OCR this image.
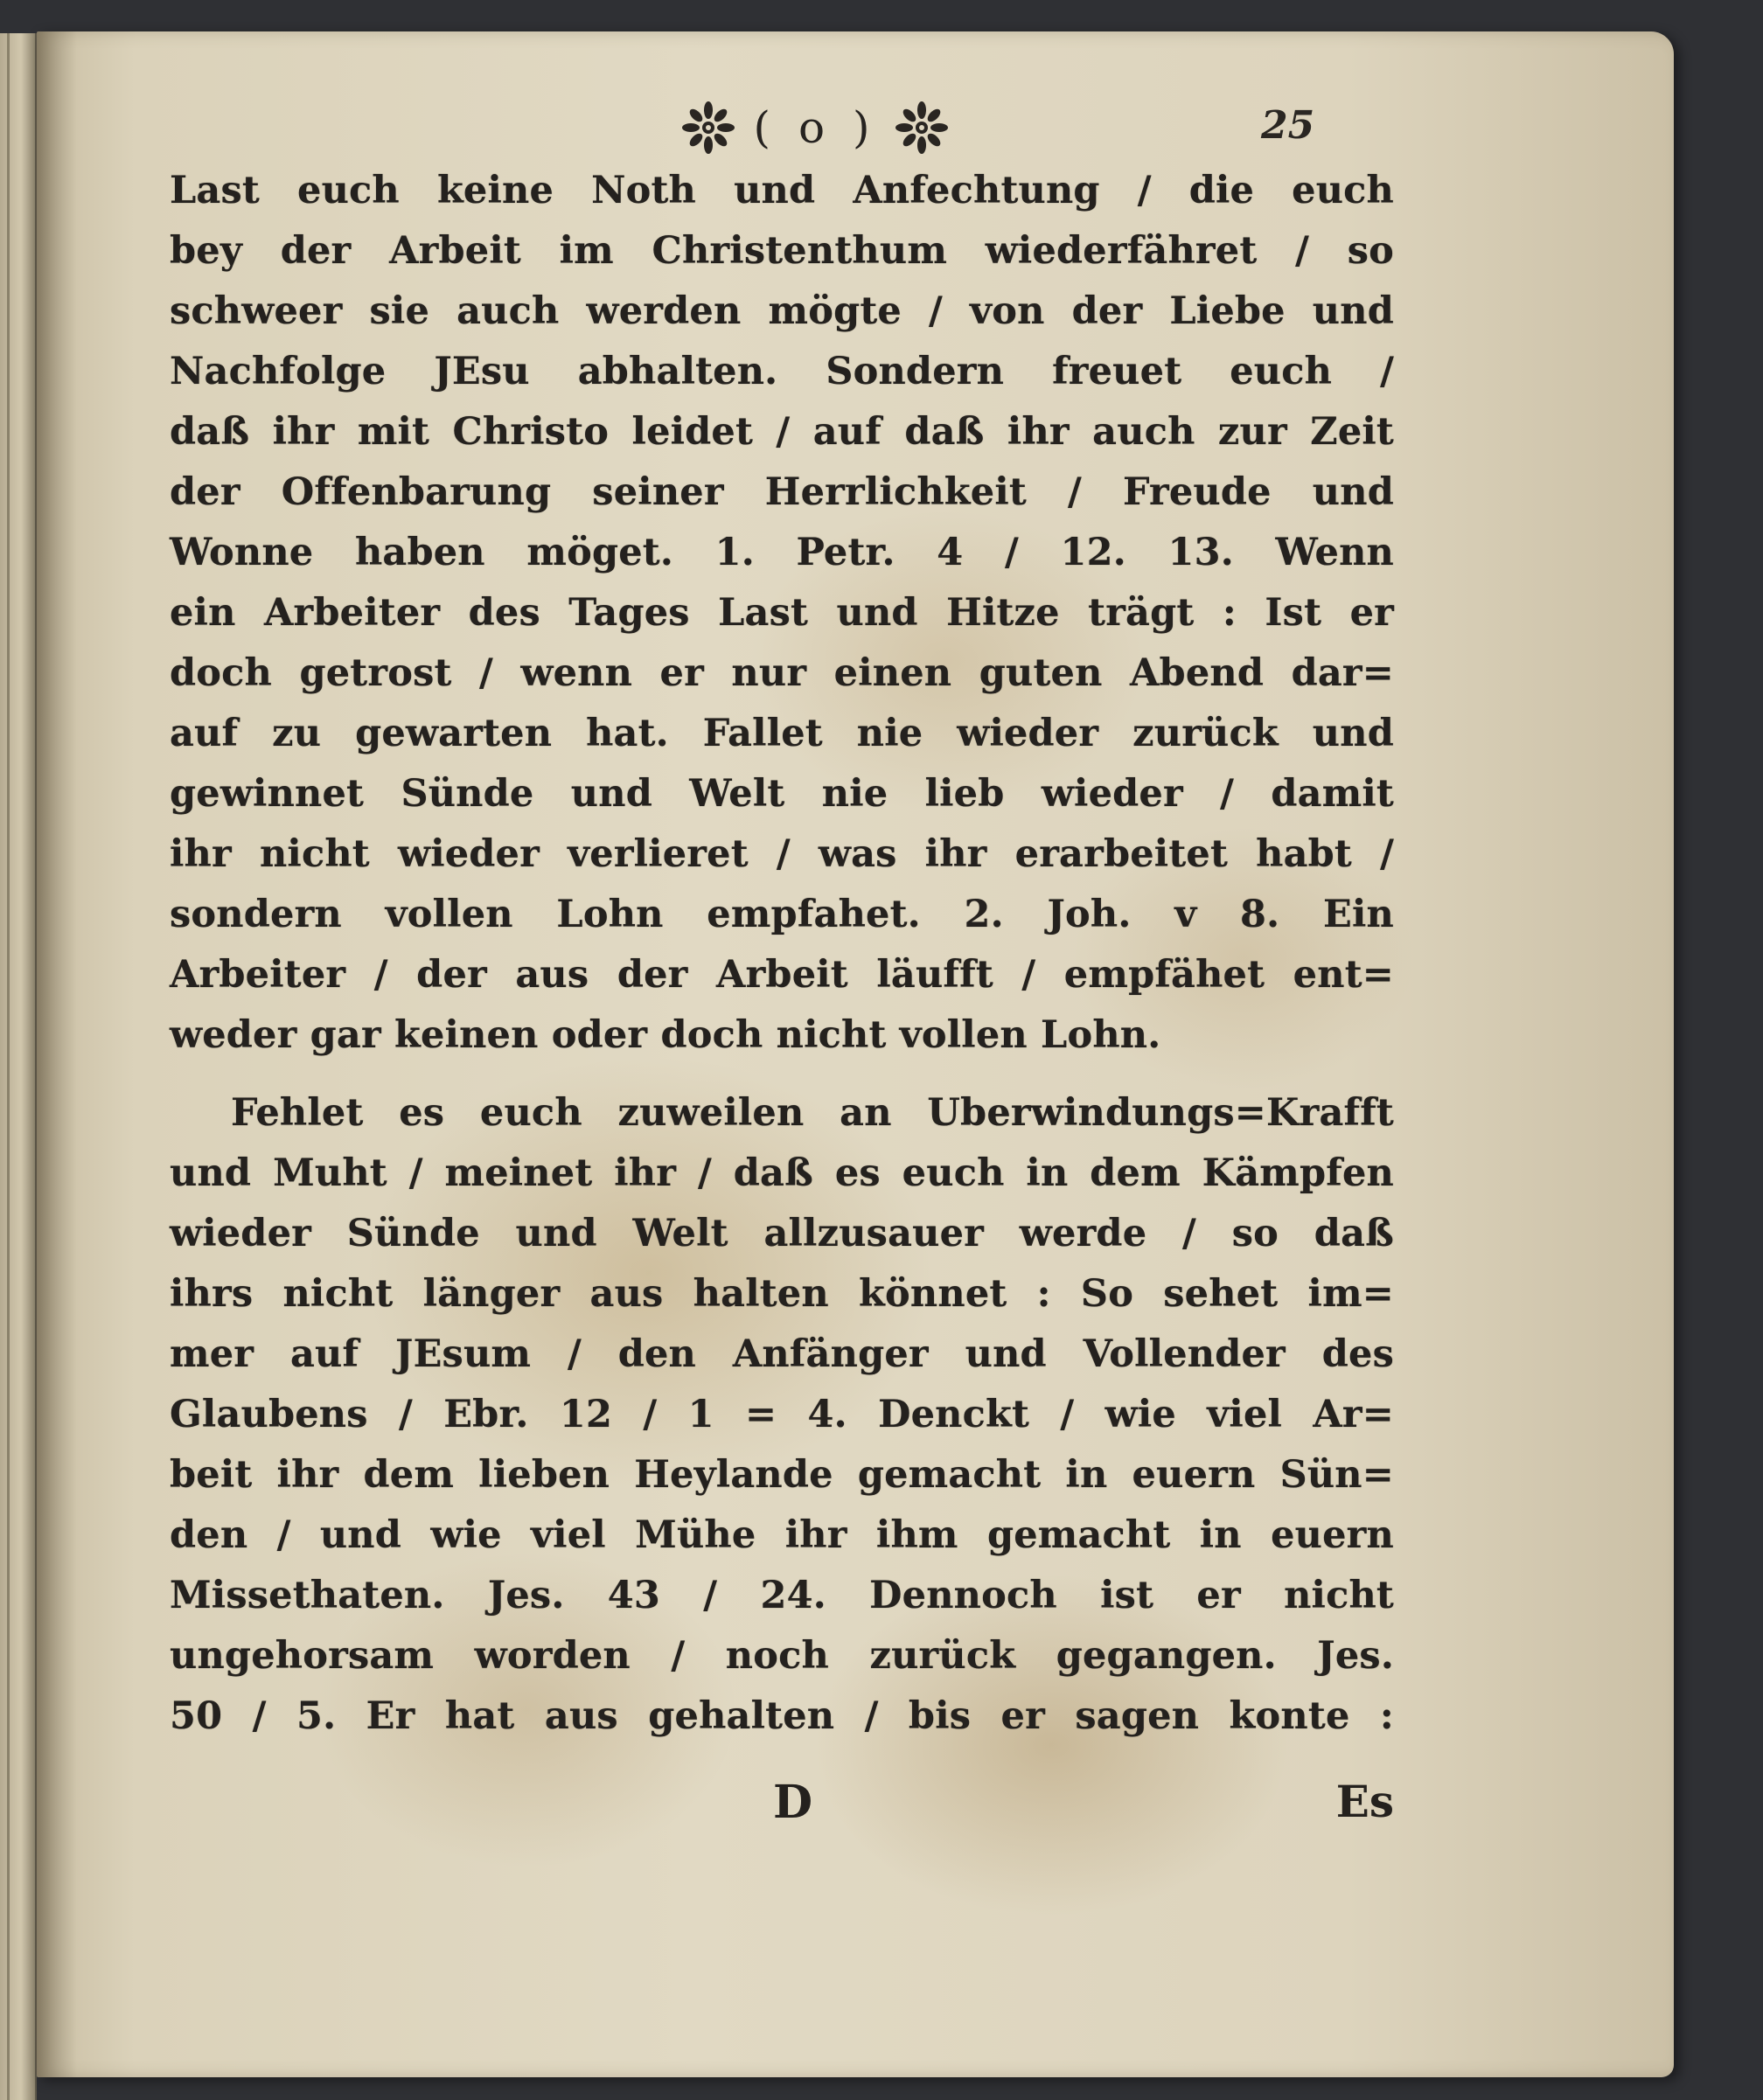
( o )	25
Last euch keine Noth und Anfechtung / die euch
bey der Arbeit im Christenthum wiederfähret / so
schweer sie auch werden mögte / von der Liebe und
Nachfolge JEsu abhalten. Sondern freuet euch /
daß ihr mit Christo leidet / auf daß ihr auch zur Zeit
der Offenbarung seiner Herrlichkeit / Freude und
Wonne haben möget. 1. Petr. 4 / 12. 13. Wenn
ein Arbeiter des Tages Last und Hitze trägt : Ist er
doch getrost / wenn er nur einen guten Abend dar=
auf zu gewarten hat. Fallet nie wieder zurück und
gewinnet Sünde und Welt nie lieb wieder / damit
ihr nicht wieder verlieret / was ihr erarbeitet habt /
sondern vollen Lohn empfahet. 2. Joh. v 8. Ein
Arbeiter / der aus der Arbeit läufft / empfähet ent=
weder gar keinen oder doch nicht vollen Lohn.
Fehlet es euch zuweilen an Uberwindungs=Krafft
und Muht / meinet ihr / daß es euch in dem Kämpfen
wieder Sünde und Welt allzusauer werde / so daß
ihrs nicht länger aus halten könnet : So sehet im=
mer auf JEsum / den Anfänger und Vollender des
Glaubens / Ebr. 12 / 1 = 4. Denckt / wie viel Ar=
beit ihr dem lieben Heylande gemacht in euern Sün=
den / und wie viel Mühe ihr ihm gemacht in euern
Missethaten. Jes. 43 / 24. Dennoch ist er nicht
ungehorsam worden / noch zurück gegangen. Jes.
50 / 5. Er hat aus gehalten / bis er sagen konte :
D	Es
